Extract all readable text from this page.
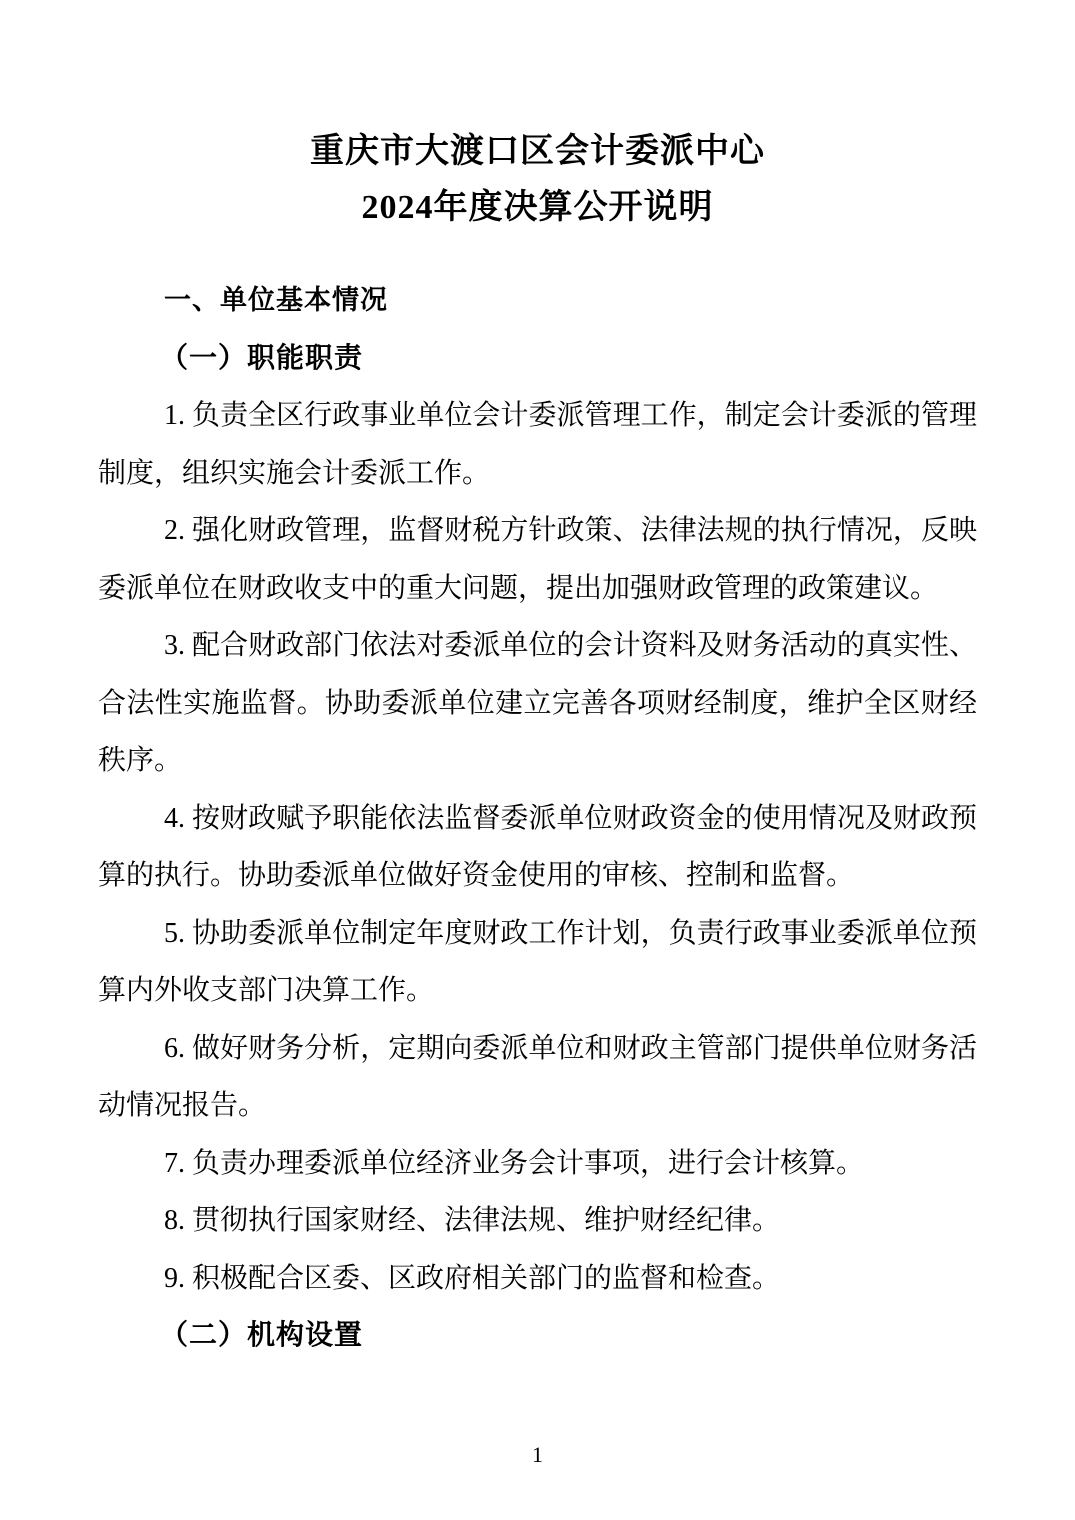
重庆市大渡口区会计委派中心
2024年度决算公开说明

一、单位基本情况

（一）职能职责

1. 负责全区行政事业单位会计委派管理工作，制定会计委派的管理制度，组织实施会计委派工作。

2. 强化财政管理，监督财税方针政策、法律法规的执行情况，反映委派单位在财政收支中的重大问题，提出加强财政管理的政策建议。

3. 配合财政部门依法对委派单位的会计资料及财务活动的真实性、合法性实施监督。协助委派单位建立完善各项财经制度，维护全区财经秩序。

4. 按财政赋予职能依法监督委派单位财政资金的使用情况及财政预算的执行。协助委派单位做好资金使用的审核、控制和监督。

5. 协助委派单位制定年度财政工作计划，负责行政事业委派单位预算内外收支部门决算工作。

6. 做好财务分析，定期向委派单位和财政主管部门提供单位财务活动情况报告。

7. 负责办理委派单位经济业务会计事项，进行会计核算。

8. 贯彻执行国家财经、法律法规、维护财经纪律。

9. 积极配合区委、区政府相关部门的监督和检查。

（二）机构设置

1
